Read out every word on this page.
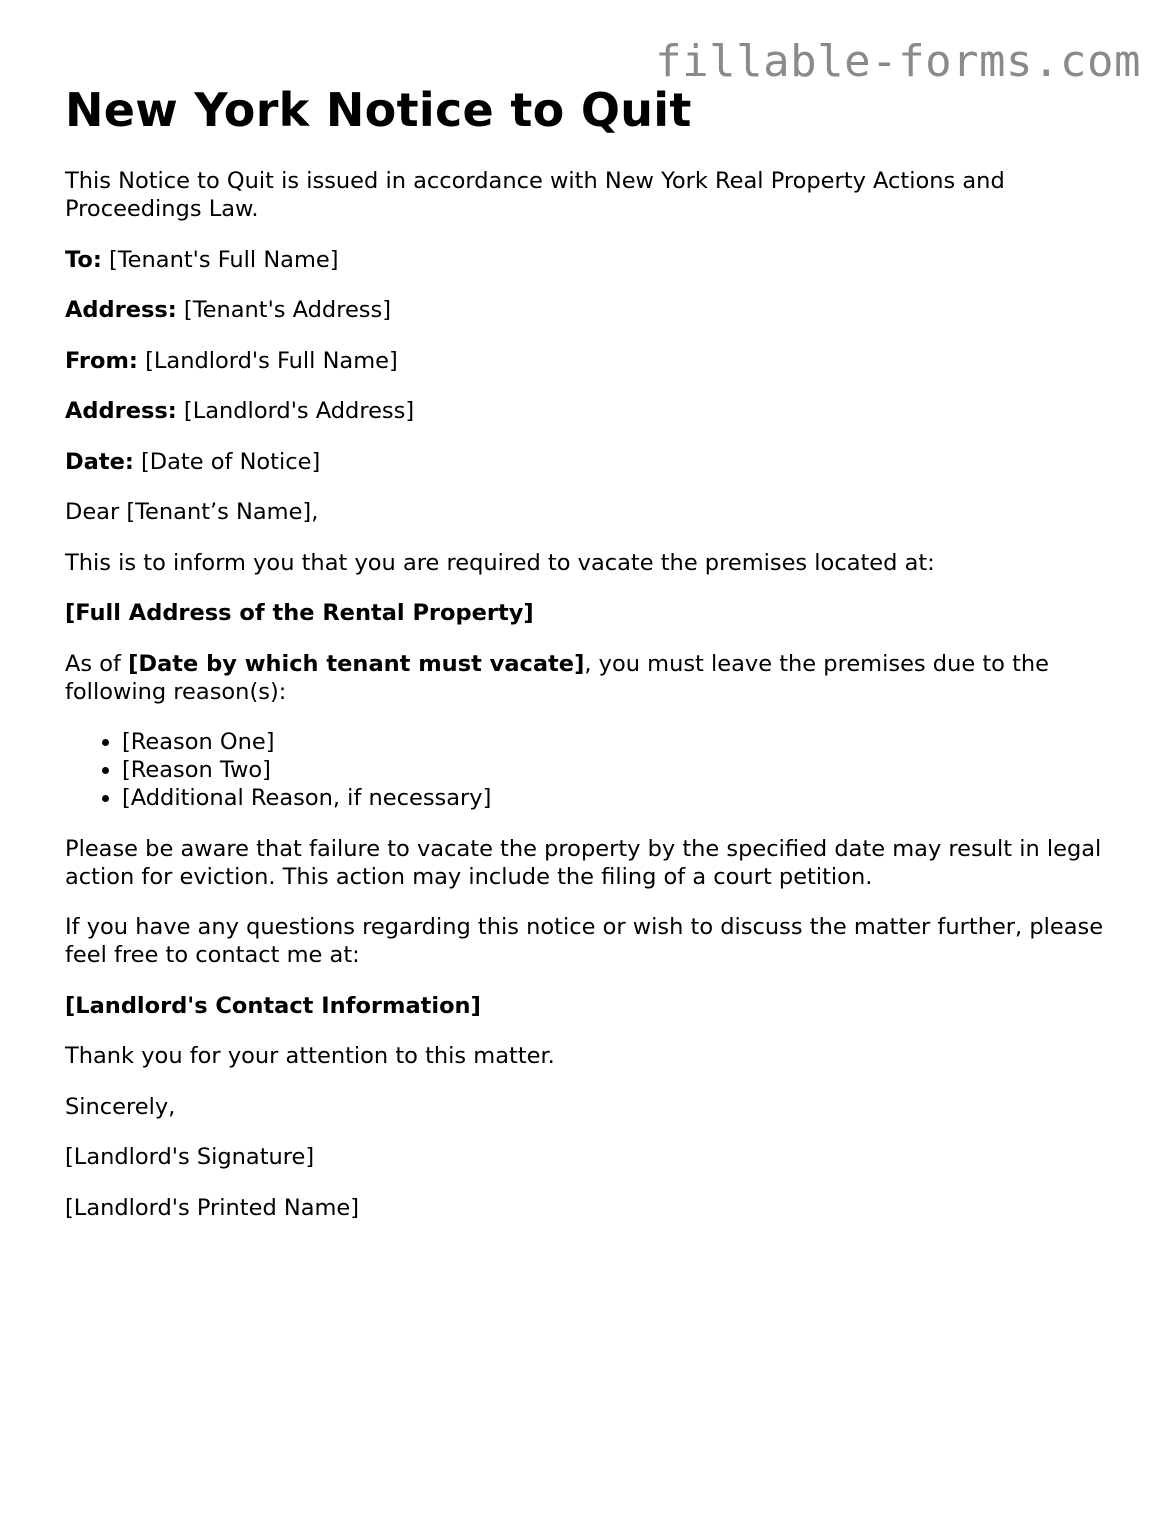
fillable-forms.com
New York Notice to Quit

This Notice to Quit is issued in accordance with New York Real Property Actions and Proceedings Law.

To: [Tenant's Full Name]

Address: [Tenant's Address]

From: [Landlord's Full Name]

Address: [Landlord's Address]

Date: [Date of Notice]

Dear [Tenant’s Name],

This is to inform you that you are required to vacate the premises located at:

[Full Address of the Rental Property]

As of [Date by which tenant must vacate], you must leave the premises due to the following reason(s):

• [Reason One]
• [Reason Two]
• [Additional Reason, if necessary]

Please be aware that failure to vacate the property by the specified date may result in legal action for eviction. This action may include the filing of a court petition.

If you have any questions regarding this notice or wish to discuss the matter further, please feel free to contact me at:

[Landlord's Contact Information]

Thank you for your attention to this matter.

Sincerely,

[Landlord's Signature]

[Landlord's Printed Name]
